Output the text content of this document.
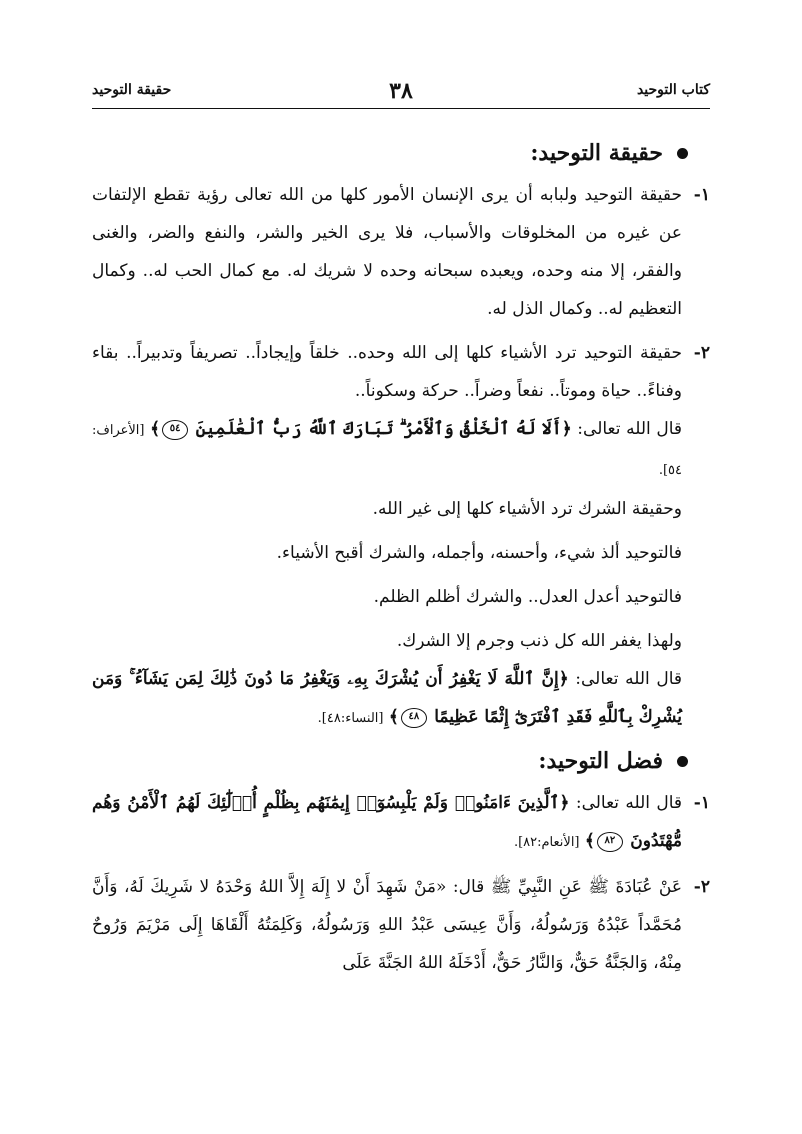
كتاب التوحيد
٣٨
حقيقة التوحيد
حقيقة التوحيد:
١-
حقيقة التوحيد ولبابه أن يرى الإنسان الأمور كلها من الله تعالى رؤية تقطع الإلتفات عن غيره من المخلوقات والأسباب، فلا يرى الخير والشر، والنفع والضر، والغنى والفقر، إلا منه وحده، ويعبده سبحانه وحده لا شريك له. مع كمال الحب له.. وكمال التعظيم له.. وكمال الذل له.
٢-
حقيقة التوحيد ترد الأشياء كلها إلى الله وحده.. خلقاً وإيجاداً.. تصريفاً وتدبيراً.. بقاء وفناءً.. حياة وموتاً.. نفعاً وضراً.. حركة وسكوناً..
قال الله تعالى: ﴿أَلَا لَهُ ٱلْخَلْقُ وَٱلْأَمْرُ ۗ تَبَارَكَ ٱللَّهُ رَبُّ ٱلْعَٰلَمِينَ ٥٤﴾ [الأعراف: ٥٤].
وحقيقة الشرك ترد الأشياء كلها إلى غير الله.
فالتوحيد ألذ شيء، وأحسنه، وأجمله، والشرك أقبح الأشياء.
فالتوحيد أعدل العدل.. والشرك أظلم الظلم.
ولهذا يغفر الله كل ذنب وجرم إلا الشرك.
قال الله تعالى: ﴿إِنَّ ٱللَّهَ لَا يَغْفِرُ أَن يُشْرَكَ بِهِۦ وَيَغْفِرُ مَا دُونَ ذَٰلِكَ لِمَن يَشَآءُ ۚ وَمَن يُشْرِكْ بِٱللَّهِ فَقَدِ ٱفْتَرَىٰٓ إِثْمًا عَظِيمًا ٤٨﴾ [النساء:٤٨].
فضل التوحيد:
١-
قال الله تعالى: ﴿ٱلَّذِينَ ءَامَنُوا۟ وَلَمْ يَلْبِسُوٓا۟ إِيمَٰنَهُم بِظُلْمٍ أُو۟لَٰٓئِكَ لَهُمُ ٱلْأَمْنُ وَهُم مُّهْتَدُونَ ٨٢﴾ [الأنعام:٨٢].
٢-
عَنْ عُبَادَةَ ﷺ عَنِ النَّبِيِّ ﷺ قال: «مَنْ شَهِدَ أَنْ لا إِلَهَ إِلاَّ اللهُ وَحْدَهُ لا شَرِيكَ لَهُ، وَأَنَّ مُحَمَّداً عَبْدُهُ وَرَسُولُهُ، وَأَنَّ عِيسَى عَبْدُ اللهِ وَرَسُولُهُ، وَكَلِمَتُهُ أَلْقَاهَا إِلَى مَرْيَمَ وَرُوحٌ مِنْهُ، وَالجَنَّةُ حَقٌّ، وَالنَّارُ حَقٌّ، أَدْخَلَهُ اللهُ الجَنَّةَ عَلَى
